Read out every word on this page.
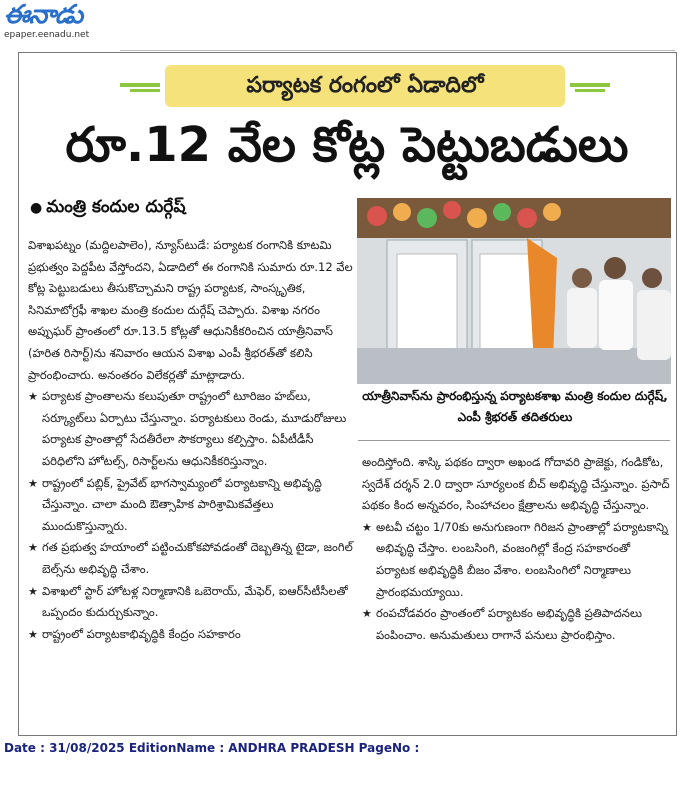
ఈనాడు
epaper.eenadu.net
పర్యాటక రంగంలో ఏడాదిలో
రూ.12 వేల కోట్ల పెట్టుబడులు
● మంత్రి కందుల దుర్గేష్

విశాఖపట్నం (మద్దిలపాలెం), న్యూస్‌టుడే: పర్యాటక రంగానికి కూటమి ప్రభుత్వం పెద్దపీట వేస్తోందని, ఏడాదిలో ఈ రంగానికి సుమారు రూ.12 వేల కోట్ల పెట్టుబడులు తీసుకొచ్చామని రాష్ట్ర పర్యాటక, సాంస్కృతిక, సినిమాటోగ్రఫీ శాఖల మంత్రి కందుల దుర్గేష్ చెప్పారు. విశాఖ నగరం అప్పుఘర్ ప్రాంతంలో రూ.13.5 కోట్లతో ఆధునికీకరించిన యాత్రీనివాస్ (హరిత రిసార్ట్)ను శనివారం ఆయన విశాఖ ఎంపీ శ్రీభరత్‌తో కలిసి ప్రారంభించారు. అనంతరం విలేకర్లతో మాట్లాడారు.

★ పర్యాటక ప్రాంతాలను కలుపుతూ రాష్ట్రంలో టూరిజం హబ్‌లు, సర్క్యూట్‌లు ఏర్పాటు చేస్తున్నాం. పర్యాటకులు రెండు, మూడురోజులు పర్యాటక ప్రాంతాల్లో సేదతీరేలా సౌకర్యాలు కల్పిస్తాం. ఏపీటీడీసీ పరిధిలోని హోటల్స్, రిసార్ట్‌లను ఆధునికీకరిస్తున్నాం.

★ రాష్ట్రంలో పబ్లిక్, ప్రైవేట్ భాగస్వామ్యంలో పర్యాటకాన్ని అభివృద్ధి చేస్తున్నాం. చాలా మంది ఔత్సాహిక పారిశ్రామికవేత్తలు ముందుకొస్తున్నారు.

★ గత ప్రభుత్వ హయాంలో పట్టించుకోకపోవడంతో దెబ్బతిన్న టైడా, జంగిల్ బెల్స్‌ను అభివృద్ధి చేశాం.

★ విశాఖలో స్టార్ హోటళ్ల నిర్మాణానికి ఒబెరాయ్, మేఫెర్, ఐఆర్‌సీటీసీలతో ఒప్పందం కుదుర్చుకున్నాం.

★ రాష్ట్రంలో పర్యాటకాభివృద్ధికి కేంద్రం సహకారం

యాత్రీనివాస్‌ను ప్రారంభిస్తున్న పర్యాటకశాఖ మంత్రి కందుల దుర్గేష్, ఎంపీ శ్రీభరత్ తదితరులు

అందిస్తోంది. శాస్కి పథకం ద్వారా అఖండ గోదావరి ప్రాజెక్టు, గండికోట, స్వదేశ్ దర్శన్ 2.0 ద్వారా సూర్యలంక బీచ్ అభివృద్ధి చేస్తున్నాం. ప్రసాద్ పథకం కింద అన్నవరం, సింహాచలం క్షేత్రాలను అభివృద్ధి చేస్తున్నాం.

★ అటవీ చట్టం 1/70కు అనుగుణంగా గిరిజన ప్రాంతాల్లో పర్యాటకాన్ని అభివృద్ధి చేస్తాం. లంబసింగి, వంజంగిల్లో కేంద్ర సహకారంతో పర్యాటక అభివృద్ధికి బీజం వేశాం. లంబసింగిలో నిర్మాణాలు ప్రారంభమయ్యాయి.

★ రంపచోడవరం ప్రాంతంలో పర్యాటకం అభివృద్ధికి ప్రతిపాదనలు పంపించాం. అనుమతులు రాగానే పనులు ప్రారంభిస్తాం.

Date : 31/08/2025 EditionName : ANDHRA PRADESH PageNo :
